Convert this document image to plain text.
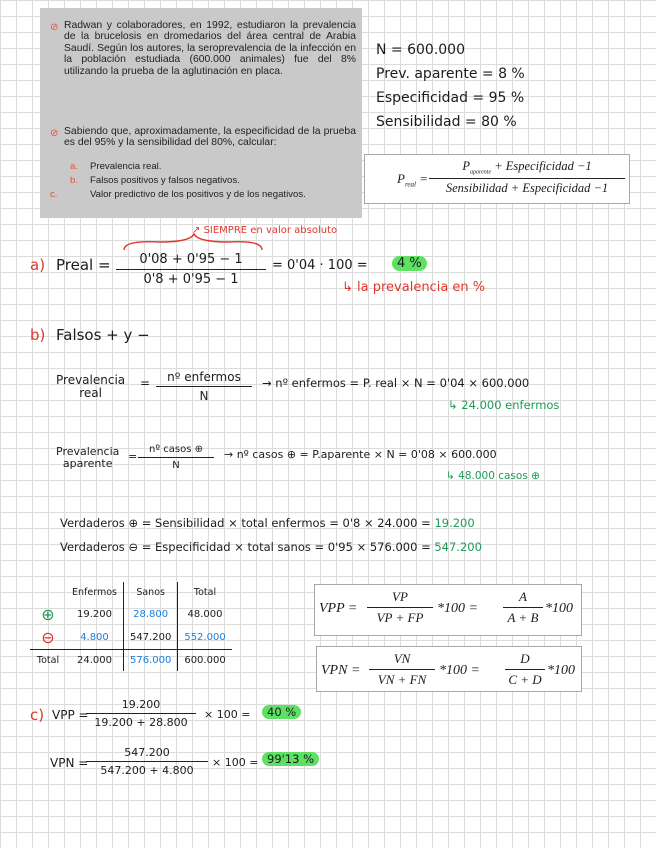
⊘ Radwan y colaboradores, en 1992, estudiaron la prevalencia de la brucelosis en dromedarios del área central de Arabia Saudí. Según los autores, la seroprevalencia de la infección en la población estudiada (600.000 animales) fue del 8% utilizando la prueba de la aglutinación en placa.
⊘ Sabiendo que, aproximadamente, la especificidad de la prueba es del 95% y la sensibilidad del 80%, calcular:
a. Prevalencia real.
b. Falsos positivos y falsos negativos.
c.	Valor predictivo de los positivos y de los negativos.
N = 600.000
Prev. aparente = 8 %
Especificidad = 95 %
Sensibilidad = 80 %
$P_{real}$ =
$P_{aparente}$ + Especificidad −1
Sensibilidad + Especificidad −1
↗ SIEMPRE en valor absoluto
a) Preal = $\frac{0'08 + 0'95 - 1}{0'8 + 0'95 - 1} = 0'04 \cdot 100$ =	4 %
↳ la prevalencia en %
b) Falsos + y −
Prevalencia
real
=	nº enfermos
N
→ nº enfermos = P. real × N = 0'04 × 600.000
↳ 24.000 enfermos
Prevalencia
aparente
=
nº casos ⊕
N
→ nº casos ⊕ = P.aparente × N = 0'08 × 600.000
↳ 48.000 casos ⊕
Verdaderos ⊕ = Sensibilidad × total enfermos = 0'8 × 24.000 = 19.200
Verdaderos ⊖ = Especificidad × total sanos = 0'95 × 576.000 = 547.200
	Enfermos	Sanos	Total
⊕	19.200	28.800	48.000
⊖	4.800	547.200	552.000
Total	24.000	576.000	600.000
VPP = $\frac{VP}{VP + FP} *100 = \frac{A}{A + B} *100$
VPN = $\frac{VN}{VN + FN} *100 = \frac{D}{C + D} *100$
c) VPP =
$\frac{19.200}{19.200 + 28.800} \times 100$ =	40 %
VPN =
$\frac{547.200}{547.200 + 4.800} \times 100 = 99'13$ %
